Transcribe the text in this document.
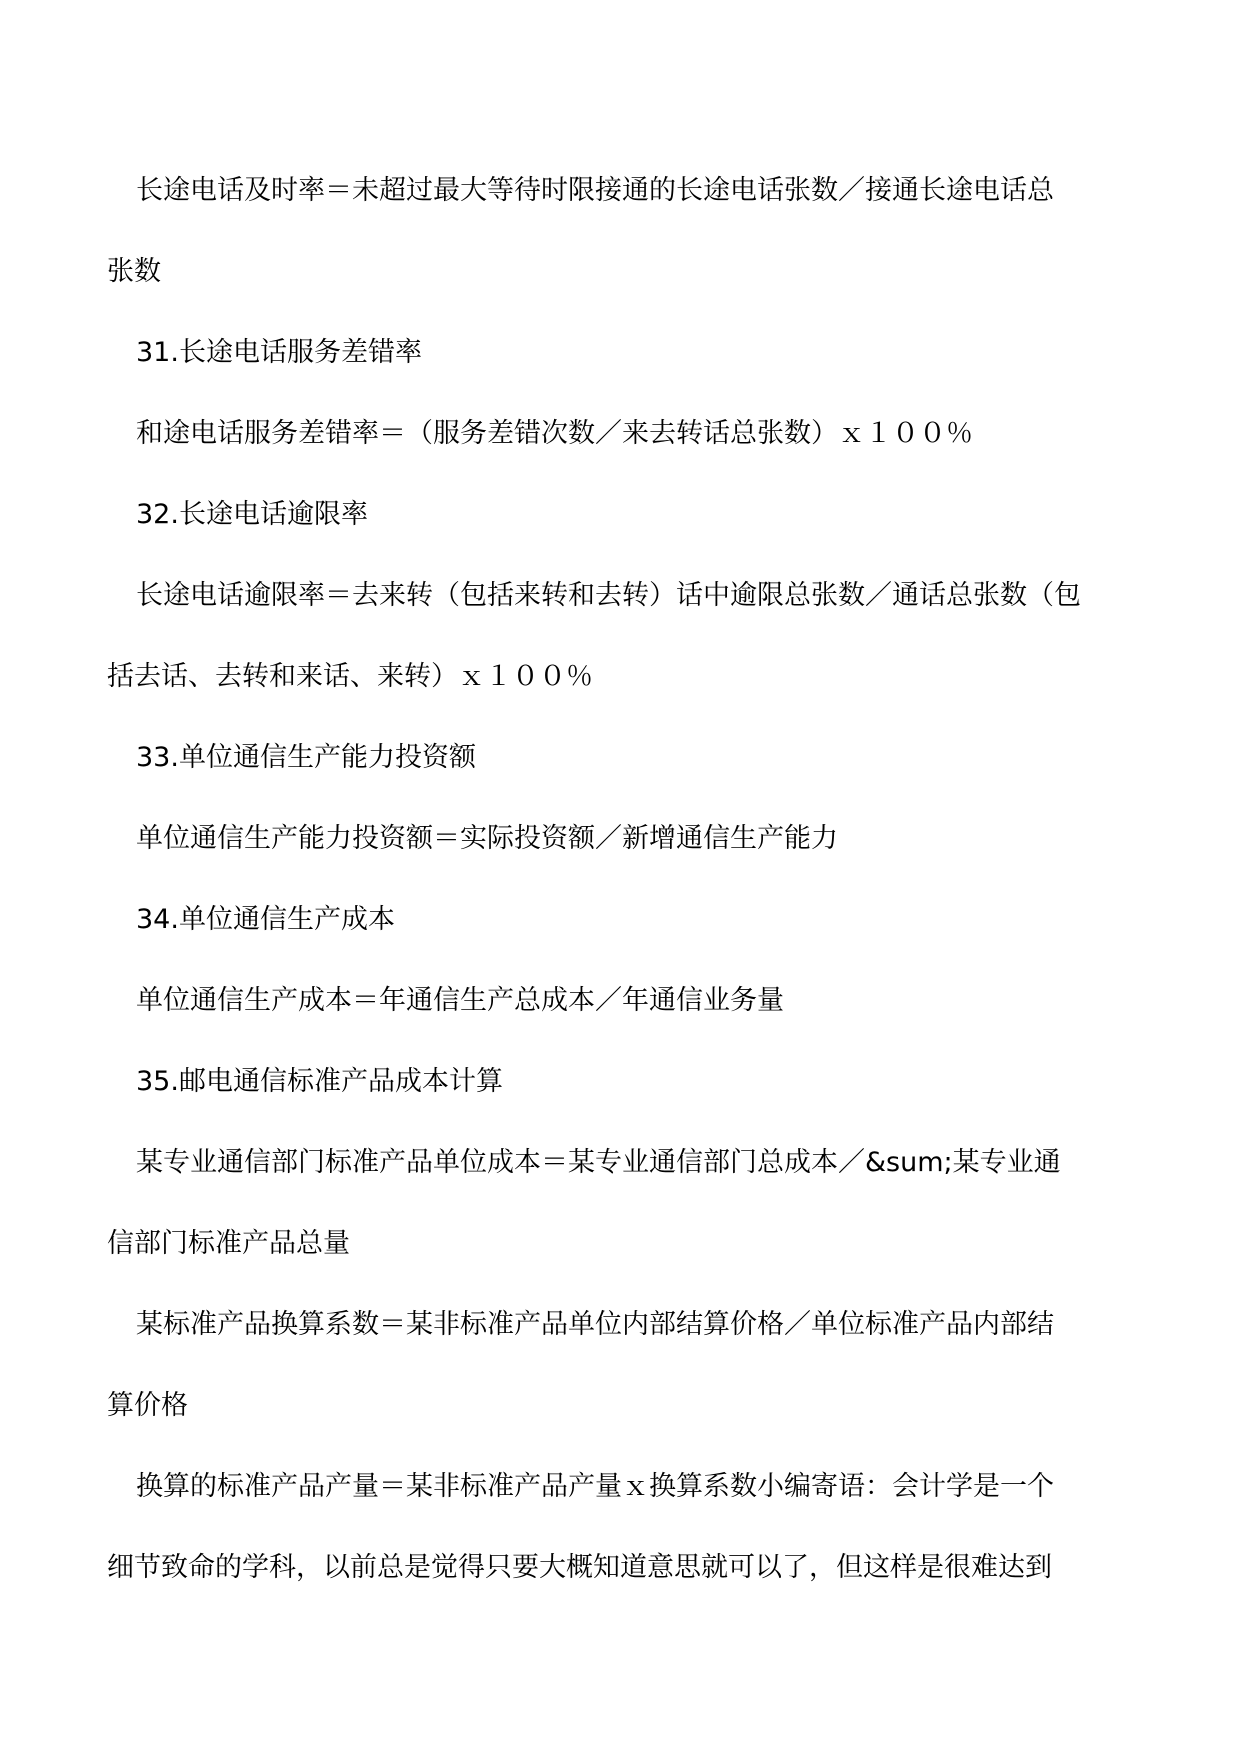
长途电话及时率＝未超过最大等待时限接通的长途电话张数／接通长途电话总
张数
31.长途电话服务差错率
和途电话服务差错率＝（服务差错次数／来去转话总张数）ｘ１００％
32.长途电话逾限率
长途电话逾限率＝去来转（包括来转和去转）话中逾限总张数／通话总张数（包
括去话、去转和来话、来转）ｘ１００％
33.单位通信生产能力投资额
单位通信生产能力投资额＝实际投资额／新增通信生产能力
34.单位通信生产成本
单位通信生产成本＝年通信生产总成本／年通信业务量
35.邮电通信标准产品成本计算
某专业通信部门标准产品单位成本＝某专业通信部门总成本／&sum;某专业通
信部门标准产品总量
某标准产品换算系数＝某非标准产品单位内部结算价格／单位标准产品内部结
算价格
换算的标准产品产量＝某非标准产品产量ｘ换算系数小编寄语：会计学是一个
细节致命的学科，以前总是觉得只要大概知道意思就可以了，但这样是很难达到
